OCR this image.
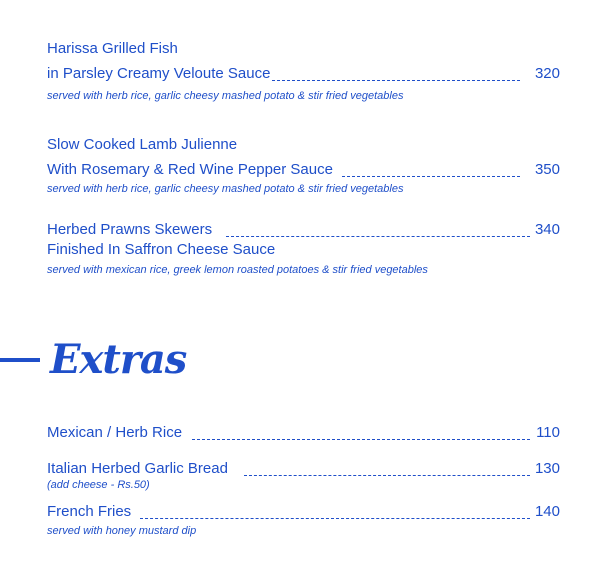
Harissa Grilled Fish
in Parsley Creamy Veloute Sauce	320
served with herb rice, garlic cheesy mashed potato & stir fried vegetables
Slow Cooked Lamb Julienne
With Rosemary & Red Wine Pepper Sauce	350
served with herb rice, garlic cheesy mashed potato & stir fried vegetables
Herbed Prawns Skewers	340
Finished In Saffron Cheese Sauce
served with mexican rice, greek lemon roasted potatoes & stir fried vegetables
Extras
Mexican / Herb Rice	110
Italian Herbed Garlic Bread	130
(add cheese - Rs.50)
French Fries	140
served with honey mustard dip
